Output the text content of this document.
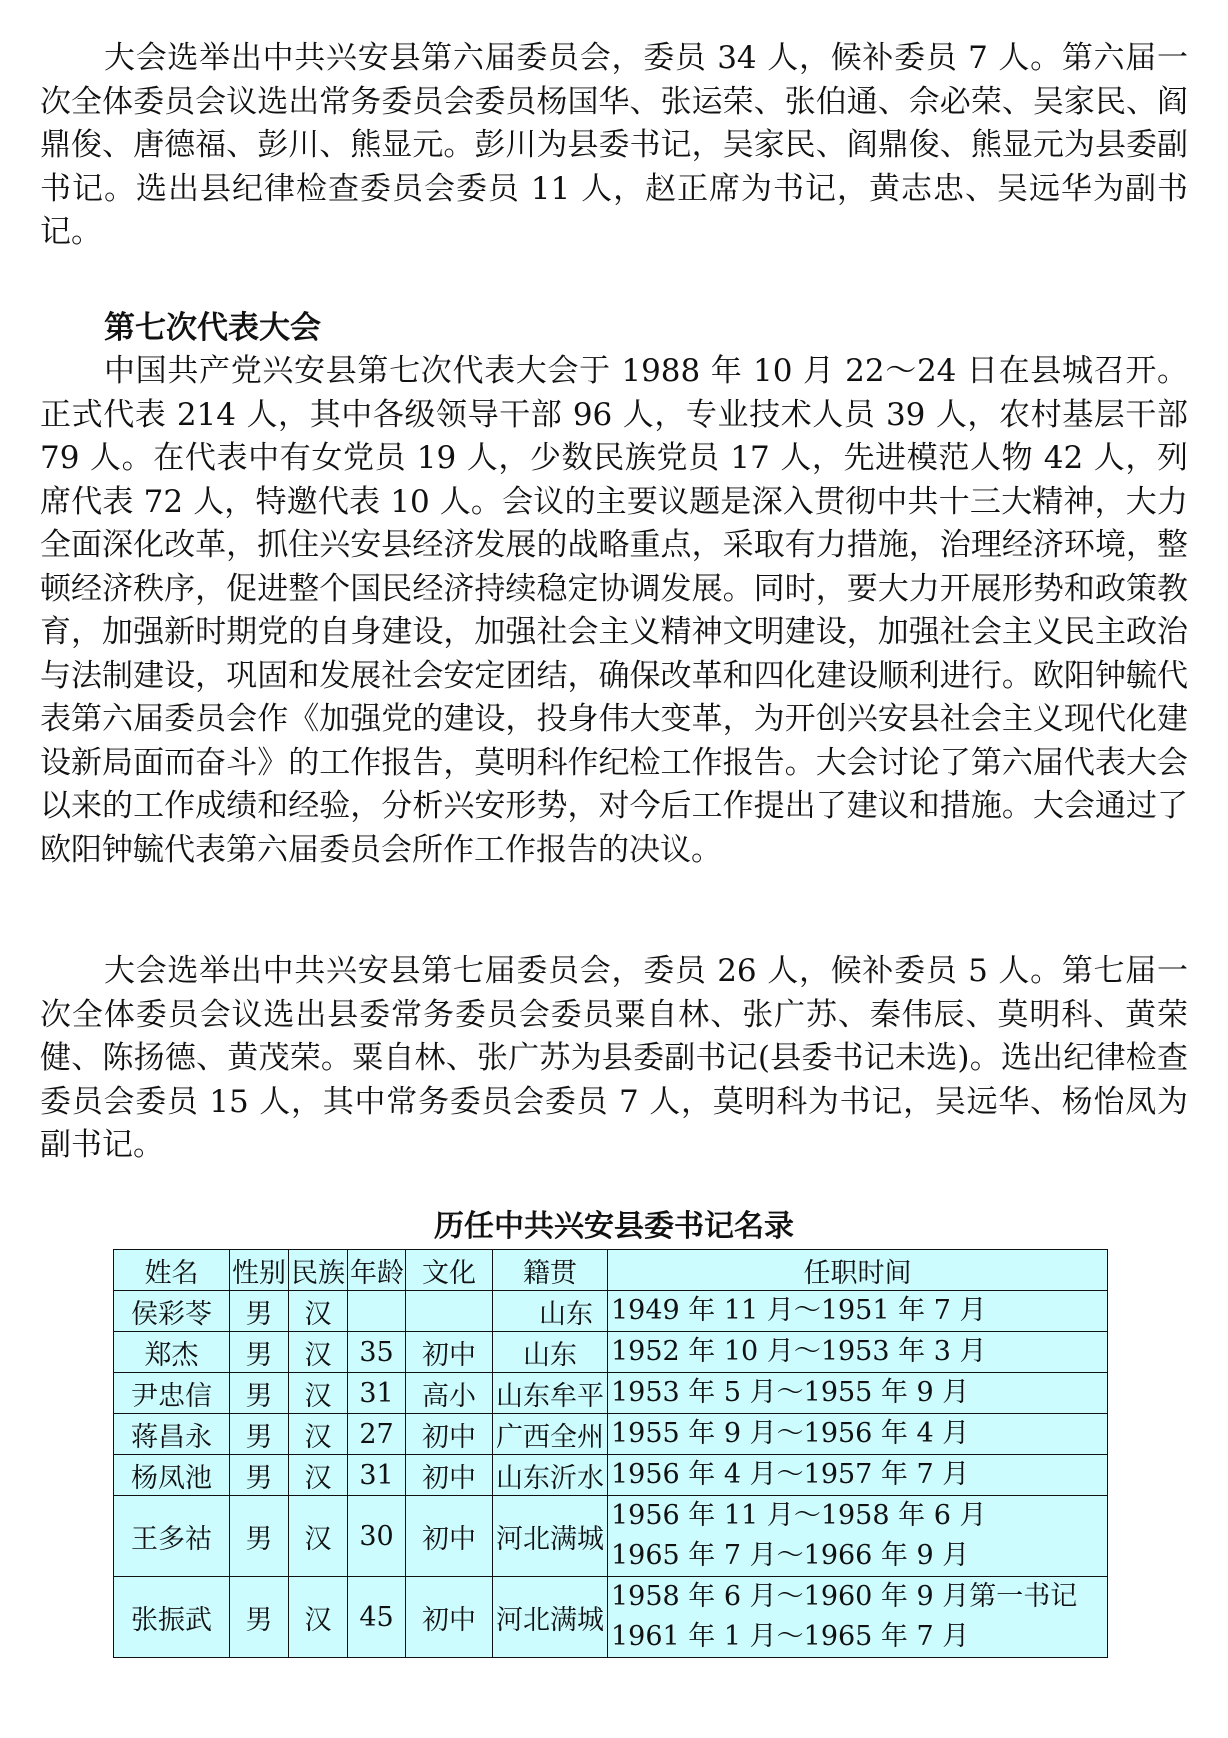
大会选举出中共兴安县第六届委员会，委员 34 人，候补委员 7 人。第六届一次全体委员会议选出常务委员会委员杨国华、张运荣、张伯通、佘必荣、吴家民、阎鼎俊、唐德福、彭川、熊显元。彭川为县委书记，吴家民、阎鼎俊、熊显元为县委副书记。选出县纪律检查委员会委员 11 人，赵正席为书记，黄志忠、吴远华为副书记。

第七次代表大会

中国共产党兴安县第七次代表大会于 1988 年 10 月 22～24 日在县城召开。正式代表 214 人，其中各级领导干部 96 人，专业技术人员 39 人，农村基层干部 79 人。在代表中有女党员 19 人，少数民族党员 17 人，先进模范人物 42 人，列席代表 72 人，特邀代表 10 人。会议的主要议题是深入贯彻中共十三大精神，大力全面深化改革，抓住兴安县经济发展的战略重点，采取有力措施，治理经济环境，整顿经济秩序，促进整个国民经济持续稳定协调发展。同时，要大力开展形势和政策教育，加强新时期党的自身建设，加强社会主义精神文明建设，加强社会主义民主政治与法制建设，巩固和发展社会安定团结，确保改革和四化建设顺利进行。欧阳钟毓代表第六届委员会作《加强党的建设，投身伟大变革，为开创兴安县社会主义现代化建设新局面而奋斗》的工作报告，莫明科作纪检工作报告。大会讨论了第六届代表大会以来的工作成绩和经验，分析兴安形势，对今后工作提出了建议和措施。大会通过了欧阳钟毓代表第六届委员会所作工作报告的决议。

大会选举出中共兴安县第七届委员会，委员 26 人，候补委员 5 人。第七届一次全体委员会议选出县委常务委员会委员粟自林、张广苏、秦伟辰、莫明科、黄荣健、陈扬德、黄茂荣。粟自林、张广苏为县委副书记(县委书记未选)。选出纪律检查委员会委员 15 人，其中常务委员会委员 7 人，莫明科为书记，吴远华、杨怡凤为副书记。

历任中共兴安县委书记名录
姓名	性别	民族	年龄	文化	籍贯	任职时间
侯彩苓	男	汉			山东	1949 年 11 月～1951 年 7 月

郑杰	男	汉	35	初中	山东	1952 年 10 月～1953 年 3 月

尹忠信	男	汉	31	高小	山东牟平	1953 年 5 月～1955 年 9 月

蒋昌永	男	汉	27	初中	广西全州	1955 年 9 月～1956 年 4 月

杨凤池	男	汉	31	初中	山东沂水	1956 年 4 月～1957 年 7 月

王多祜	男	汉	30	初中	河北满城	1956 年 11 月～1958 年 6 月
1965 年 7 月～1966 年 9 月

张振武	男	汉	45	初中	河北满城	1958 年 6 月～1960 年 9 月第一书记
1961 年 1 月～1965 年 7 月
